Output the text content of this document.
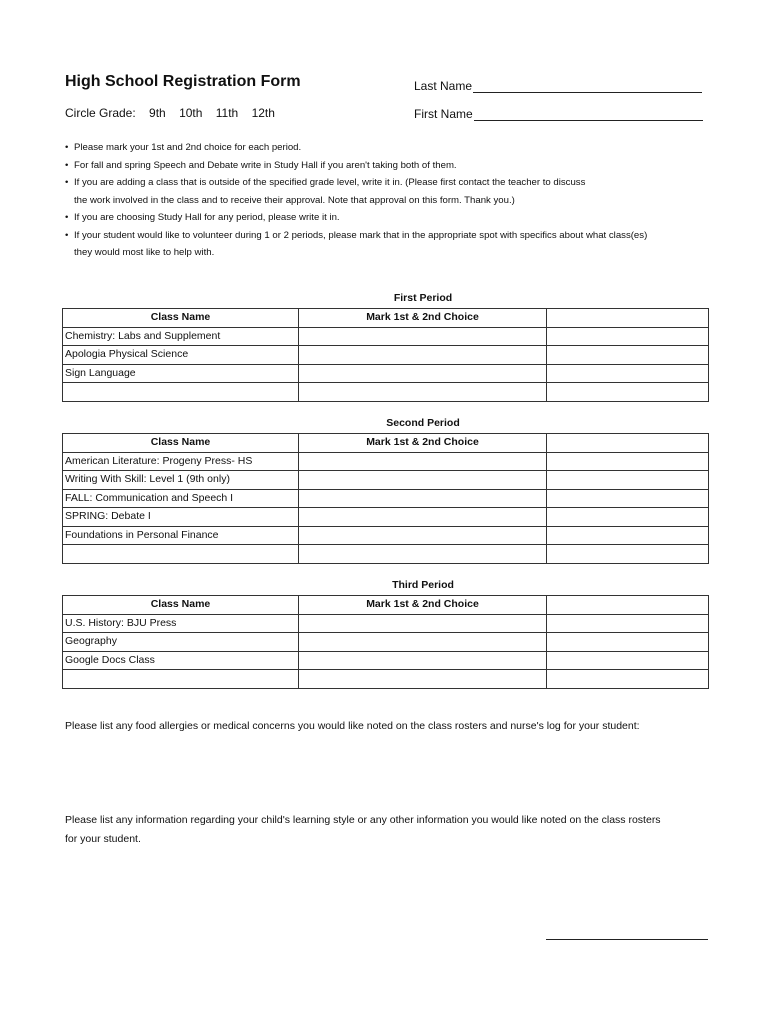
High School Registration Form
Circle Grade: 9th 10th 11th 12th
Last Name
First Name
• Please mark your 1st and 2nd choice for each period.
• For fall and spring Speech and Debate write in Study Hall if you aren't taking both of them.
• If you are adding a class that is outside of the specified grade level, write it in. (Please first contact the teacher to discuss
the work involved in the class and to receive their approval. Note that approval on this form. Thank you.)
• If you are choosing Study Hall for any period, please write it in.
• If your student would like to volunteer during 1 or 2 periods, please mark that in the appropriate spot with specifics about what class(es)
they would most like to help with.
First Period
Class Name	Mark 1st & 2nd Choice	
Chemistry: Labs and Supplement		
Apologia Physical Science		
Sign Language		

Second Period
Class Name	Mark 1st & 2nd Choice	
American Literature: Progeny Press- HS		
Writing With Skill: Level 1 (9th only)		
FALL: Communication and Speech I		
SPRING: Debate I		
Foundations in Personal Finance		

Third Period
Class Name	Mark 1st & 2nd Choice	
U.S. History: BJU Press		
Geography		
Google Docs Class		

Please list any food allergies or medical concerns you would like noted on the class rosters and nurse's log for your student:
Please list any information regarding your child's learning style or any other information you would like noted on the class rosters
for your student.
